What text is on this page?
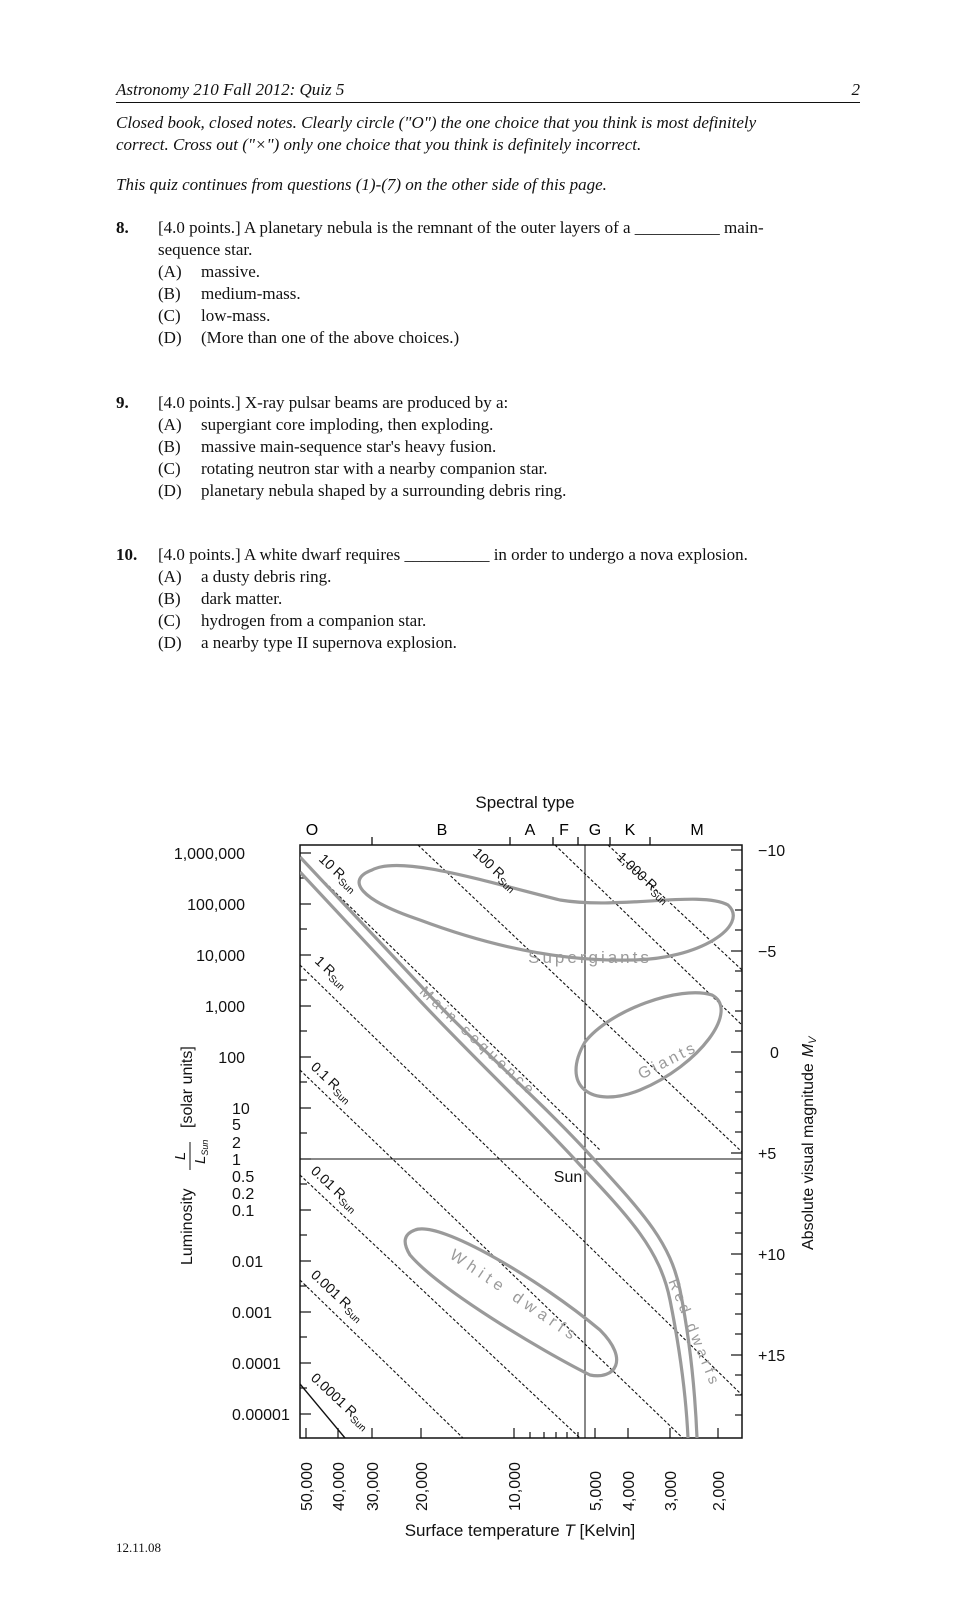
Astronomy 210 Fall 2012: Quiz 5	2
Closed book, closed notes. Clearly circle ("O") the one choice that you think is most definitely
correct. Cross out ("×") only one choice that you think is definitely incorrect.
This quiz continues from questions (1)-(7) on the other side of this page.
8. [4.0 points.] A planetary nebula is the remnant of the outer layers of a __________ main-
sequence star.
(A) massive.
(B) medium-mass.
(C) low-mass.
(D) (More than one of the above choices.)
9. [4.0 points.] X-ray pulsar beams are produced by a:
(A) supergiant core imploding, then exploding.
(B) massive main-sequence star's heavy fusion.
(C) rotating neutron star with a nearby companion star.
(D) planetary nebula shaped by a surrounding debris ring.
10. [4.0 points.] A white dwarf requires __________ in order to undergo a nova explosion.
(A) a dusty debris ring.
(B) dark matter.
(C) hydrogen from a companion star.
(D) a nearby type II supernova explosion.
Spectral type
O	B	A F G K	M
Supergiants
Giants
Main sequence
White dwarfs	Red dwarfs
10 $R_{Sun}$
100 $R_{Sun}$	1,000 $R_{Sun}$
1 $R_{Sun}$
0.1 $R_{Sun}$
0.01 $R_{Sun}$
0.001 $R_{Sun}$
0.0001 $R_{Sun}$
Sun
1,000,000
100,000
10,000
1,000
100
10
5
2
1
0.5
0.2
0.1
0.01
0.001
0.0001
0.00001
−10
−5
0
+5
+10
+15
50,000 40,000 30,000 20,000	10,000	5,000 4,000 3,000 2,000
Luminosity
L $L_{Sun}$
[solar units]	Absolute visual magnitudeMV
Surface temperature T [Kelvin]
12.11.08
